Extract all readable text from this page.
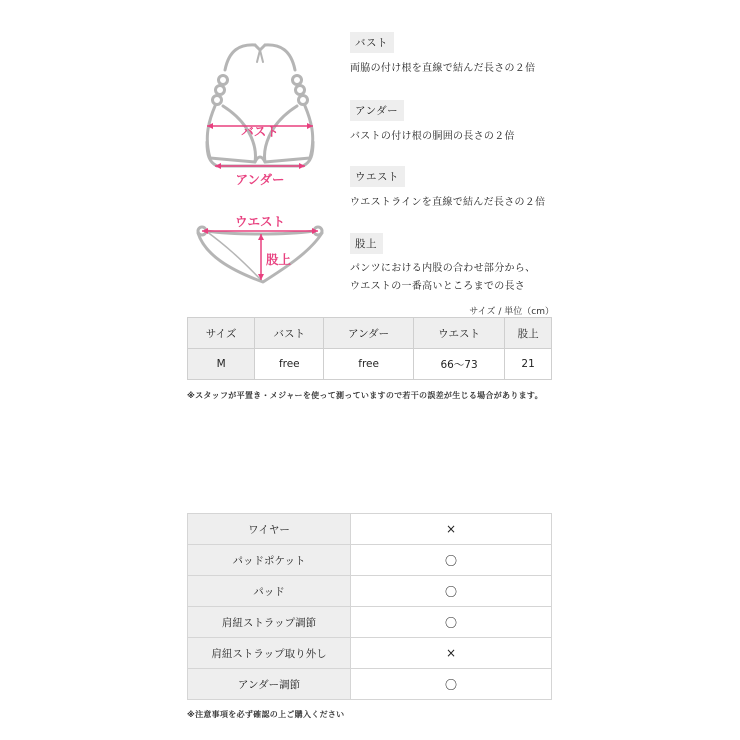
バスト
アンダー
ウエスト
股上
バスト
両脇の付け根を直線で結んだ長さの２倍
アンダー
バストの付け根の胴囲の長さの２倍
ウエスト
ウエストラインを直線で結んだ長さの２倍
股上
パンツにおける内股の合わせ部分から、
ウエストの一番高いところまでの長さ
サイズ / 単位（cm）
サイズ	バスト	アンダー	ウエスト	股上
M	free	free	66〜73	21
※スタッフが平置き・メジャーを使って測っていますので若干の誤差が生じる場合があります。
ワイヤー	×
パッドポケット	〇
パッド	〇
肩紐ストラップ調節	〇
肩紐ストラップ取り外し	×
アンダー調節	〇
※注意事項を必ず確認の上ご購入ください
